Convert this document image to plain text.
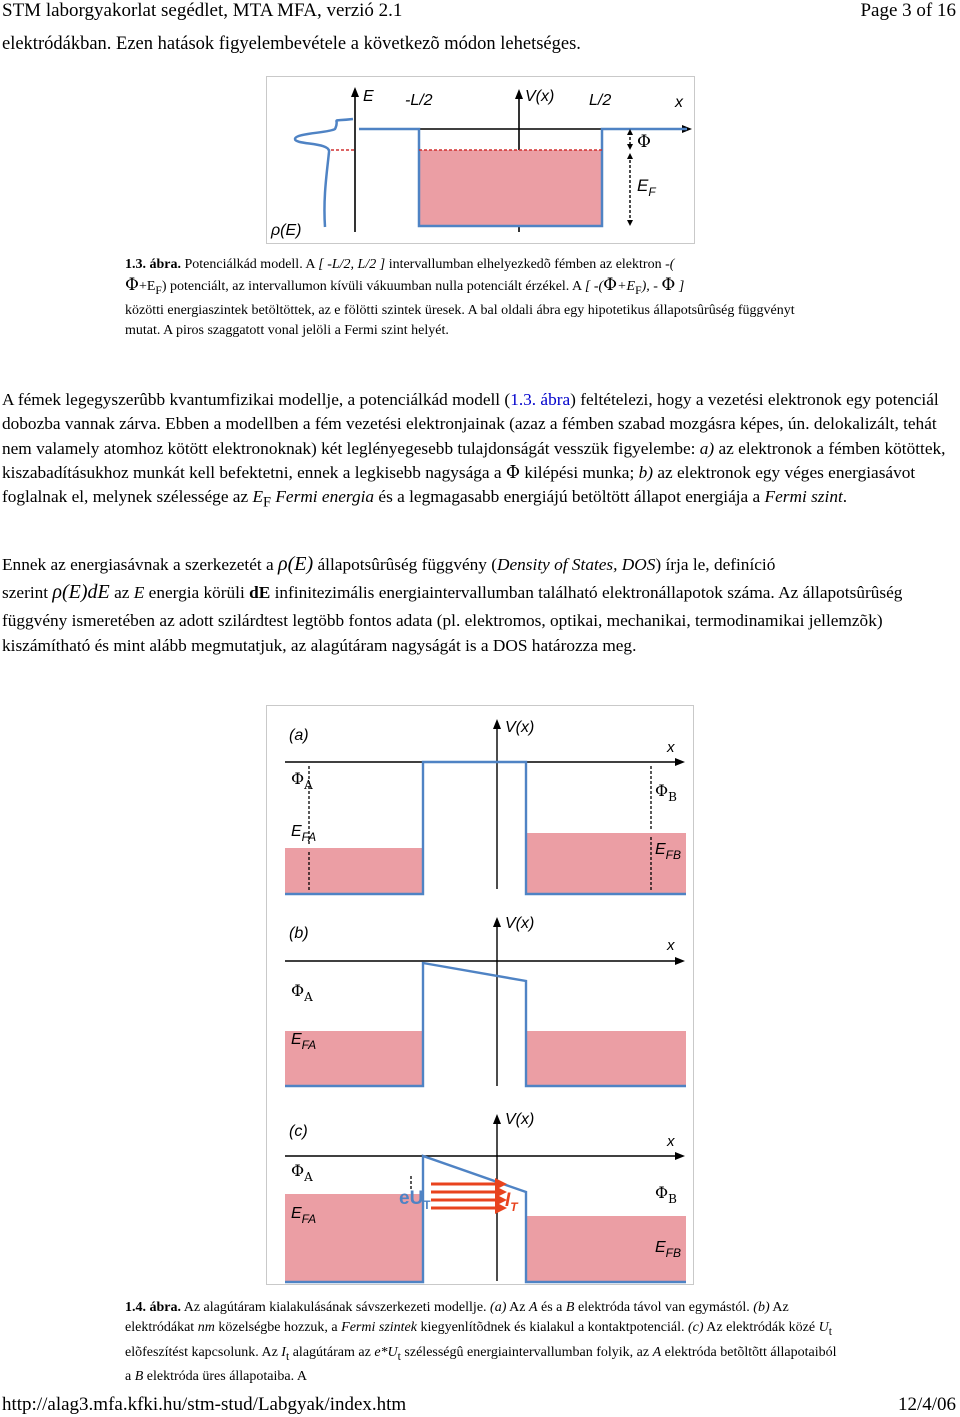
STM laborgyakorlat segédlet, MTA MFA, verzió 2.1	Page 3 of 16
elektródákban. Ezen hatások figyelembevétele a következõ módon lehetséges.
E
ρ(E)
-L/2	V(x) L/2	x
Φ
$E_F$
1.3. ábra. Potenciálkád modell. A [ -L/2, L/2 ] intervallumban elhelyezkedõ fémben az elektron -(
$\Phi+E_F$) potenciált, az intervallumon kívüli vákuumban nulla potenciált érzékel. A [ $-(\Phi+E_F)$, - Φ ]
közötti energiaszintek betöltöttek, az e fölötti szintek üresek. A bal oldali ábra egy hipotetikus állapotsûrûség függvényt mutat. A piros szaggatott vonal jelöli a Fermi szint helyét.
A fémek legegyszerûbb kvantumfizikai modellje, a potenciálkád modell (1.3. ábra) feltételezi, hogy a vezetési elektronok egy potenciál dobozba vannak zárva. Ebben a modellben a fém vezetési elektronjainak (azaz a fémben szabad mozgásra képes, ún. delokalizált, tehát nem valamely atomhoz kötött elektronoknak) két leglényegesebb tulajdonságát vesszük figyelembe: a) az elektronok a fémben kötöttek, kiszabadításukhoz munkát kell befektetni, ennek a legkisebb nagysága a Φ kilépési munka; b) az elektronok egy véges energiasávot foglalnak el, melynek szélessége az $E_F$ Fermi energia és a legmagasabb energiájú betöltött állapot energiája a Fermi szint.
Ennek az energiasávnak a szerkezetét a ρ(E) állapotsûrûség függvény (Density of States, DOS) írja le, definíció
szerint ρ(E)dE az E energia körüli dE infinitezimális energiaintervallumban található elektronállapotok száma. Az állapotsûrûség függvény ismeretében az adott szilárdtest legtöbb fontos adata (pl. elektromos, optikai, mechanikai, termodinamikai jellemzõk) kiszámítható és mint alább megmutatjuk, az alagútáram nagyságát is a DOS határozza meg.
(a)	V(x)
x
$\Phi_A$
$E_{FA}$
$\Phi_B$
$E_{FB}$
(b)
V(x)
x
$\Phi_A$
$E_{FA}$
(c)
V(x)
x
$eU_T$	$I_T$
$\Phi_A$
$E_{FA}$
$\Phi_B$
$E_{FB}$
1.4. ábra. Az alagútáram kialakulásának sávszerkezeti modellje. (a) Az A és a B elektróda távol van egymástól. (b) Az elektródákat nm közelségbe hozzuk, a Fermi szintek kiegyenlítõdnek és kialakul a kontaktpotenciál. (c) Az elektródák közé $U_t$ elõfeszítést kapcsolunk. Az $I_t$ alagútáram az $e*U_t$ szélességû energiaintervallumban folyik, az A elektróda betõltõtt állapotaiból a B elektróda üres állapotaiba. A
http://alag3.mfa.kfki.hu/stm-stud/Labgyak/index.htm	12/4/06
